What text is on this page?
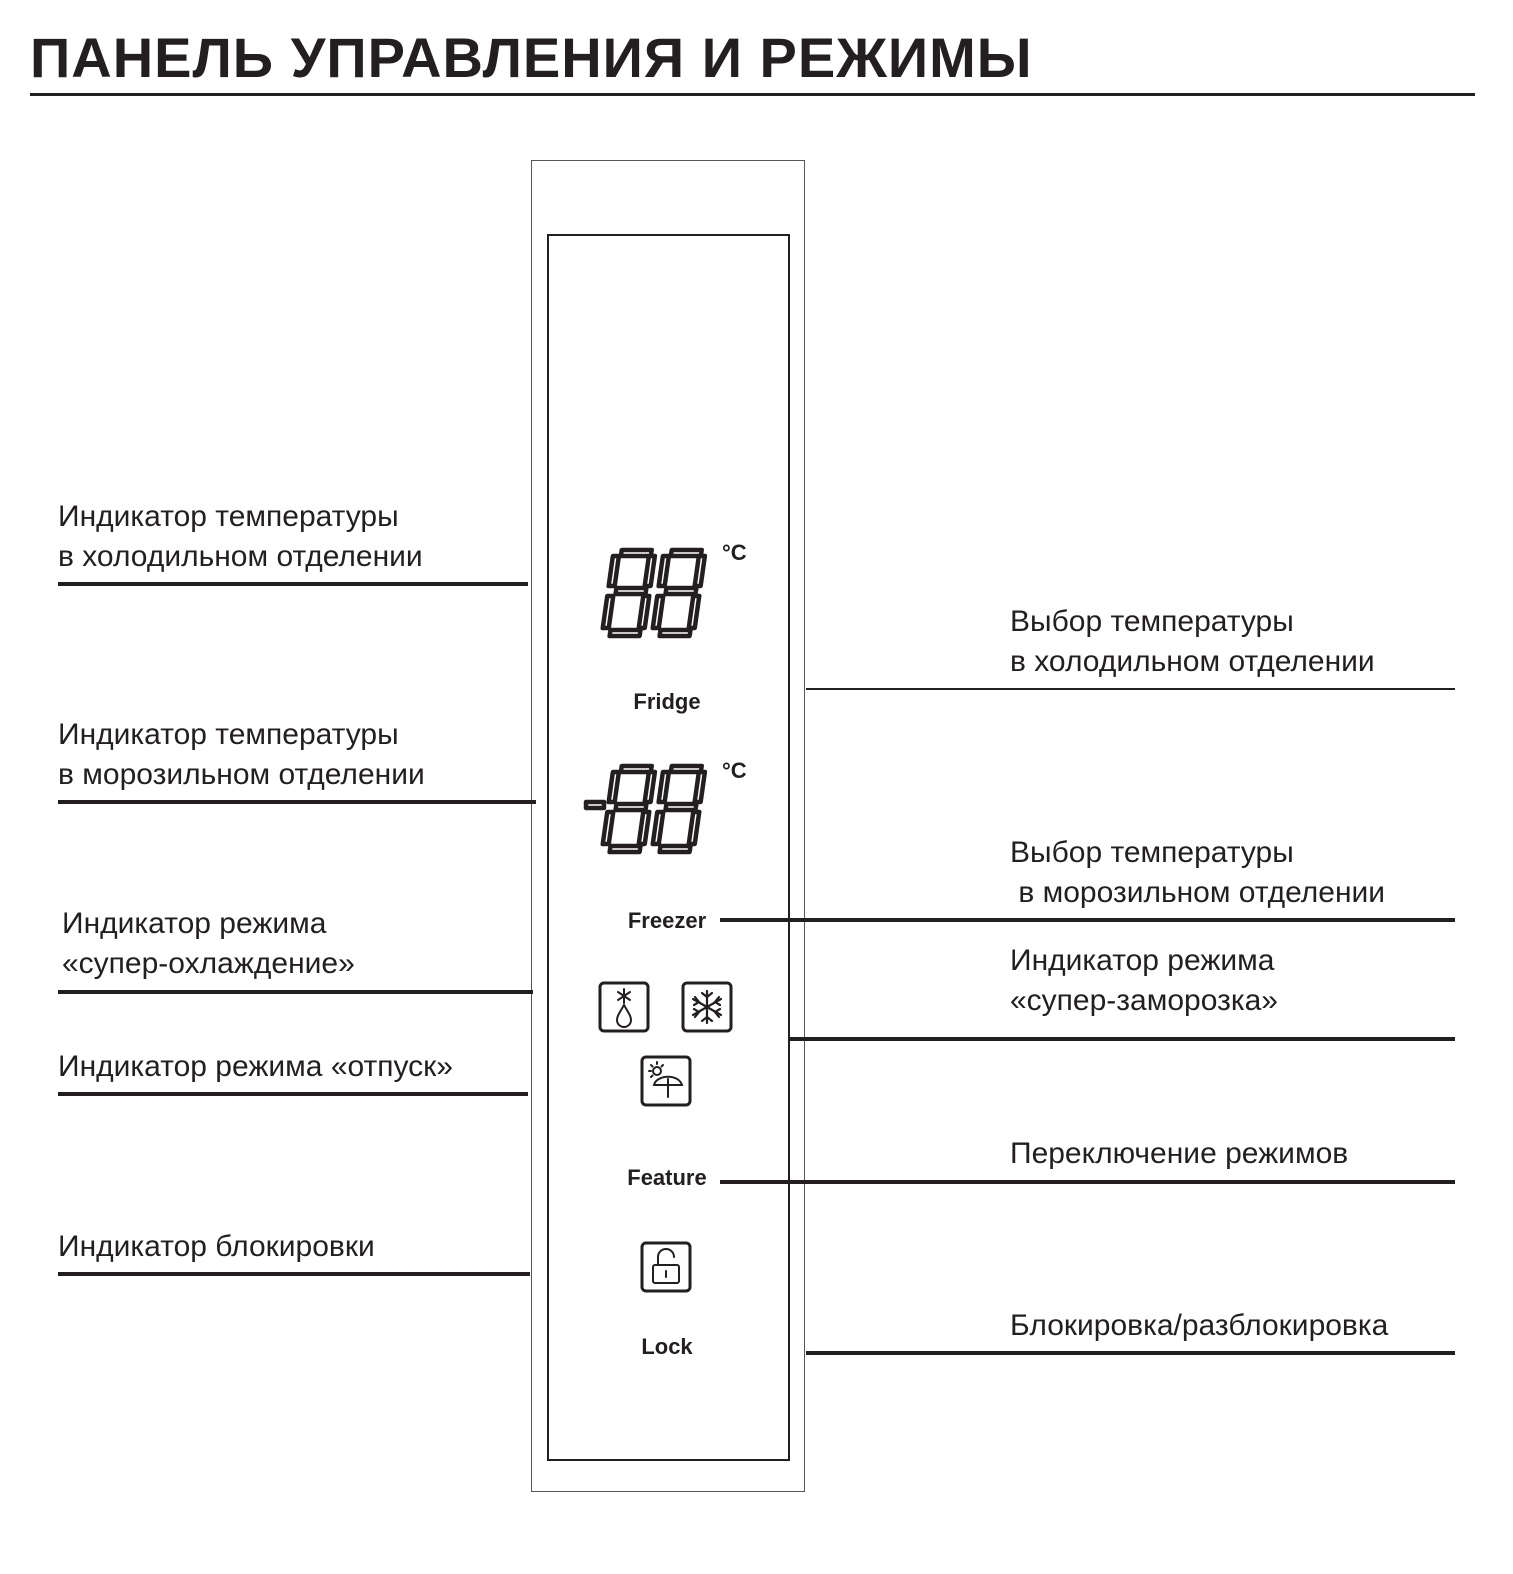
ПАНЕЛЬ УПРАВЛЕНИЯ И РЕЖИМЫ
°C
Fridge
°C
Freezer
Feature
Lock

Индикатор температуры
в холодильном отделении

Индикатор температуры
в морозильном отделении

Индикатор режима
«супер-охлаждение»

Индикатор режима «отпуск»

Индикатор блокировки

Выбор температуры
в холодильном отделении

Выбор температуры
в морозильном отделении

Индикатор режима
«супер-заморозка»

Переключение режимов

Блокировка/разблокировка
